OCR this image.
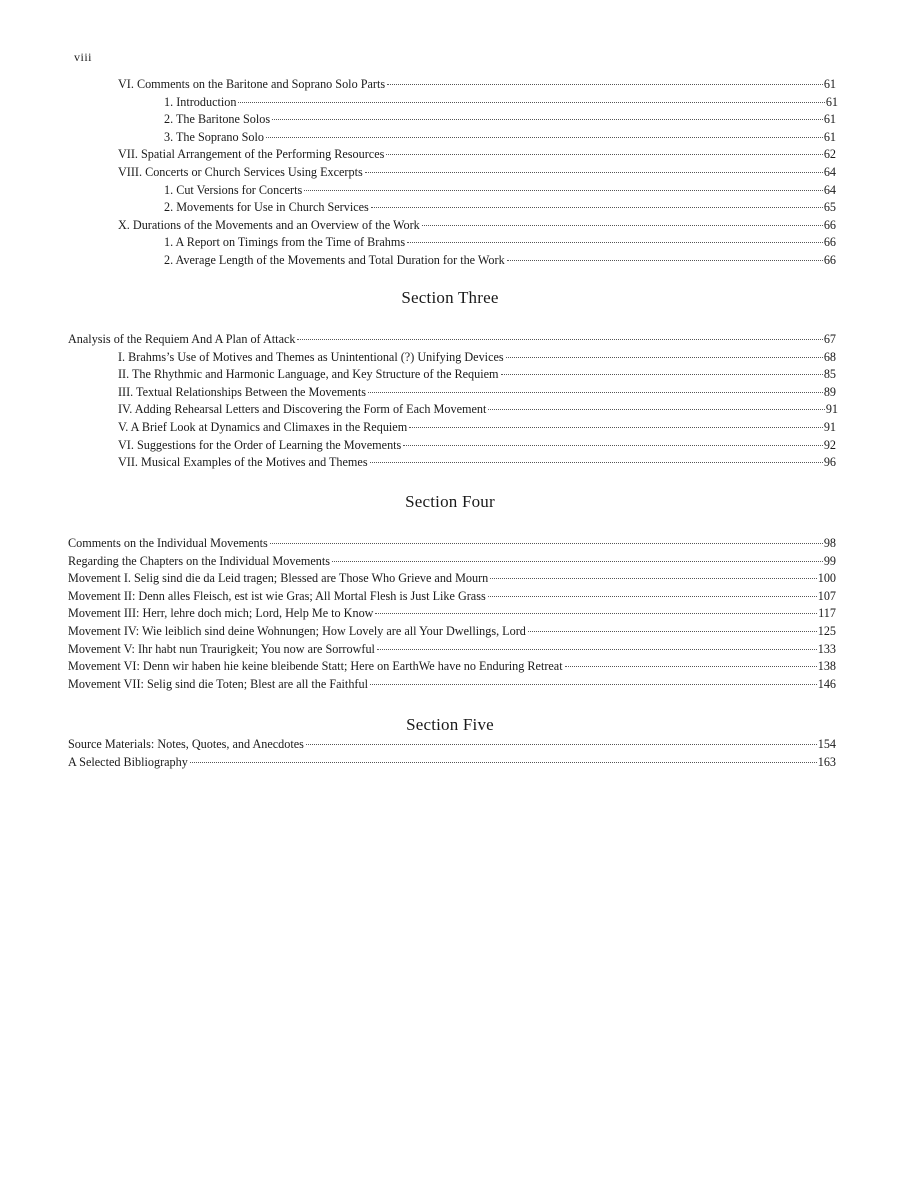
viii
VI. Comments on the Baritone and Soprano Solo Parts	61
1. Introduction	61
2. The Baritone Solos	61
3. The Soprano Solo	61
VII. Spatial Arrangement of the Performing Resources	62
VIII. Concerts or Church Services Using Excerpts	64
1. Cut Versions for Concerts	64
2. Movements for Use in Church Services	65
X. Durations of the Movements and an Overview of the Work	66
1. A Report on Timings from the Time of Brahms	66
2. Average Length of the Movements and Total Duration for the Work	66
Section Three
Analysis of the Requiem And A Plan of Attack	67
I. Brahms’s Use of Motives and Themes as Unintentional (?) Unifying Devices	68
II. The Rhythmic and Harmonic Language, and Key Structure of the Requiem	85
III. Textual Relationships Between the Movements	89
IV. Adding Rehearsal Letters and Discovering the Form of Each Movement	91
V. A Brief Look at Dynamics and Climaxes in the Requiem	91
VI. Suggestions for the Order of Learning the Movements	92
VII. Musical Examples of the Motives and Themes	96
Section Four
Comments on the Individual Movements	98
Regarding the Chapters on the Individual Movements	99
Movement I. Selig sind die da Leid tragen; Blessed are Those Who Grieve and Mourn	100
Movement II: Denn alles Fleisch, est ist wie Gras; All Mortal Flesh is Just Like Grass	107
Movement III: Herr, lehre doch mich; Lord, Help Me to Know	117
Movement IV: Wie leiblich sind deine Wohnungen; How Lovely are all Your Dwellings, Lord	125
Movement V: Ihr habt nun Traurigkeit; You now are Sorrowful	133
Movement VI: Denn wir haben hie keine bleibende Statt; Here on EarthWe have no Enduring Retreat	138
Movement VII: Selig sind die Toten; Blest are all the Faithful	146
Section Five
Source Materials: Notes, Quotes, and Anecdotes	154
A Selected Bibliography	163
